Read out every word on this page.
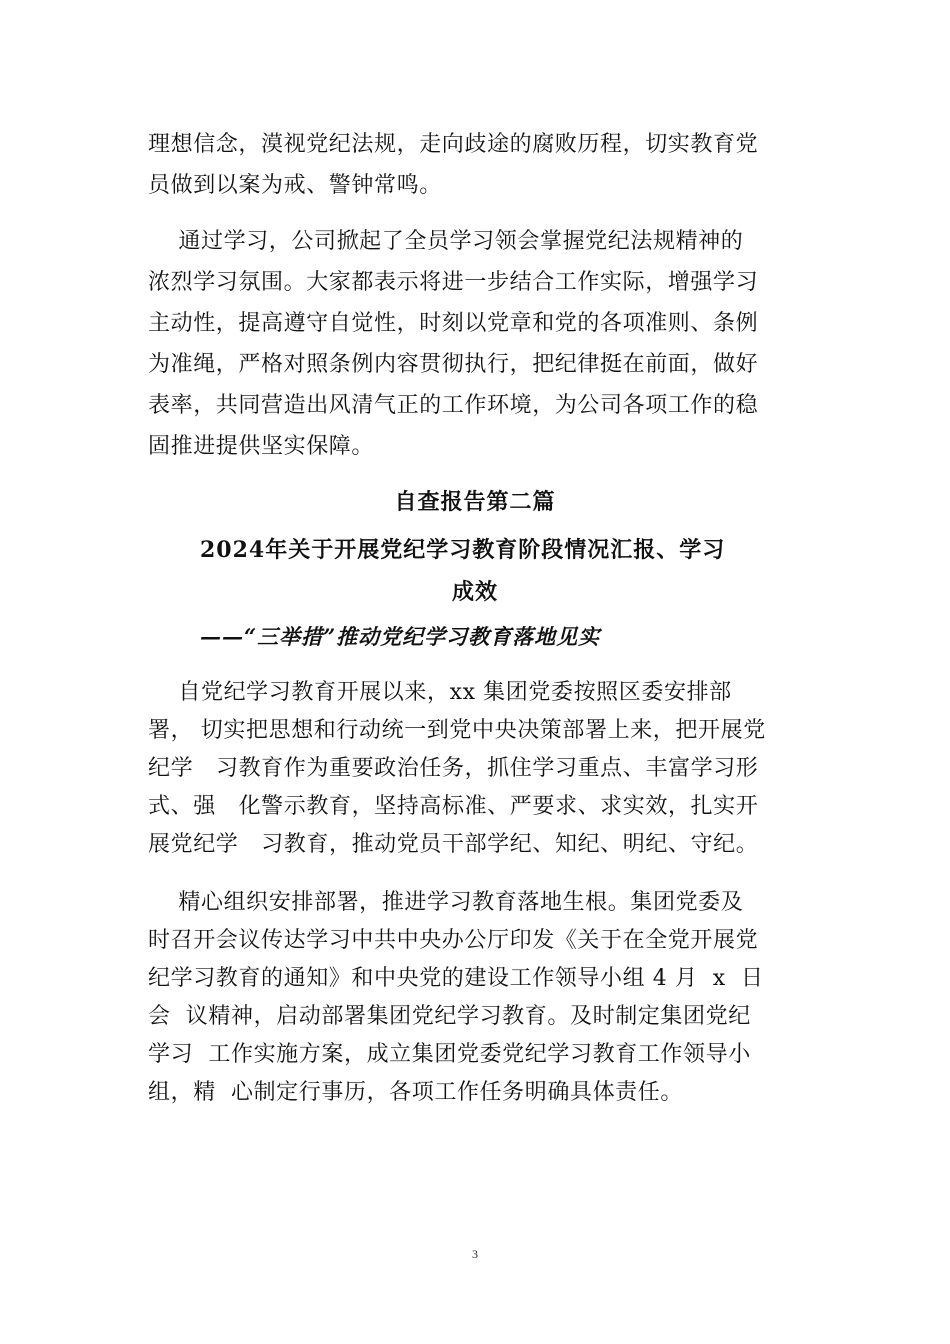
理想信念，漠视党纪法规，走向歧途的腐败历程，切实教育党
员做到以案为戒、警钟常鸣。
通过学习，公司掀起了全员学习领会掌握党纪法规精神的
浓烈学习氛围。大家都表示将进一步结合工作实际，增强学习
主动性，提高遵守自觉性，时刻以党章和党的各项准则、条例
为准绳，严格对照条例内容贯彻执行，把纪律挺在前面，做好
表率，共同营造出风清气正的工作环境，为公司各项工作的稳
固推进提供坚实保障。
自查报告第二篇
2024年关于开展党纪学习教育阶段情况汇报、学习
成效
——“三举措”推动党纪学习教育落地见实
自党纪学习教育开展以来，xx 集团党委按照区委安排部
署， 切实把思想和行动统一到党中央决策部署上来，把开展党
纪学   习教育作为重要政治任务，抓住学习重点、丰富学习形
式、强   化警示教育，坚持高标准、严要求、求实效，扎实开
展党纪学   习教育，推动党员干部学纪、知纪、明纪、守纪。
精心组织安排部署，推进学习教育落地生根。集团党委及
时召开会议传达学习中共中央办公厅印发《关于在全党开展党
纪学习教育的通知》和中央党的建设工作领导小组 4 月  x  日
会  议精神，启动部署集团党纪学习教育。及时制定集团党纪
学习  工作实施方案，成立集团党委党纪学习教育工作领导小
组，精  心制定行事历，各项工作任务明确具体责任。
3
